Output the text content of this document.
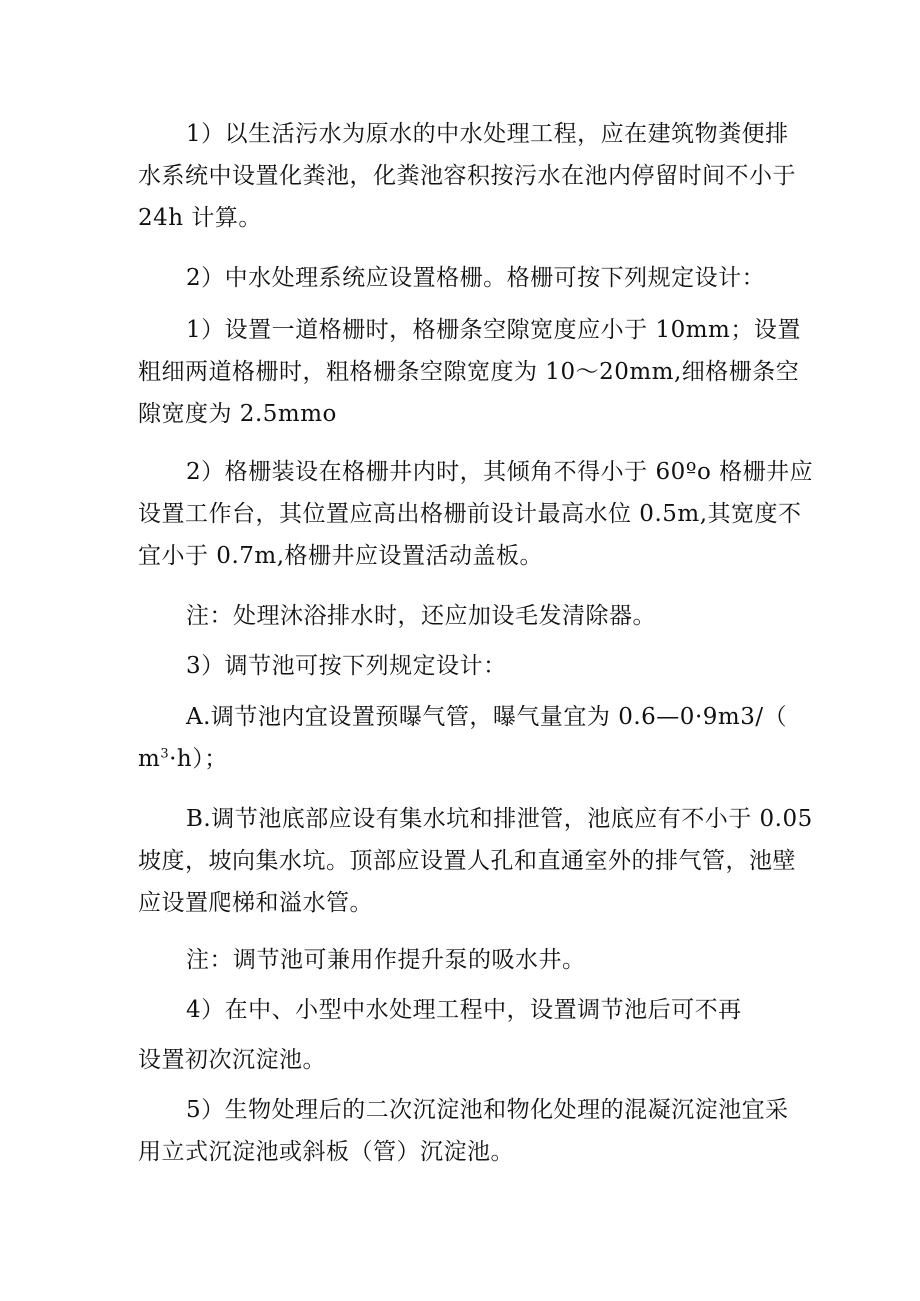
1）以生活污水为原水的中水处理工程，应在建筑物粪便排
水系统中设置化粪池，化粪池容积按污水在池内停留时间不小于
24h 计算。

2）中水处理系统应设置格栅。格栅可按下列规定设计：

1）设置一道格栅时，格栅条空隙宽度应小于 10mm；设置
粗细两道格栅时，粗格栅条空隙宽度为 10～20mm,细格栅条空
隙宽度为 2.5mmo

2）格栅装设在格栅井内时，其倾角不得小于 60ºo 格栅井应
设置工作台，其位置应高出格栅前设计最高水位 0.5m,其宽度不
宜小于 0.7m,格栅井应设置活动盖板。

注：处理沐浴排水时，还应加设毛发清除器。

3）调节池可按下列规定设计：

A.调节池内宜设置预曝气管，曝气量宜为 0.6—0·9m3/（
$m^3\cdot h$）；

B.调节池底部应设有集水坑和排泄管，池底应有不小于 0.05
坡度，坡向集水坑。顶部应设置人孔和直通室外的排气管，池壁
应设置爬梯和溢水管。

注：调节池可兼用作提升泵的吸水井。

4）在中、小型中水处理工程中，设置调节池后可不再

设置初次沉淀池。

5）生物处理后的二次沉淀池和物化处理的混凝沉淀池宜采
用立式沉淀池或斜板（管）沉淀池。
